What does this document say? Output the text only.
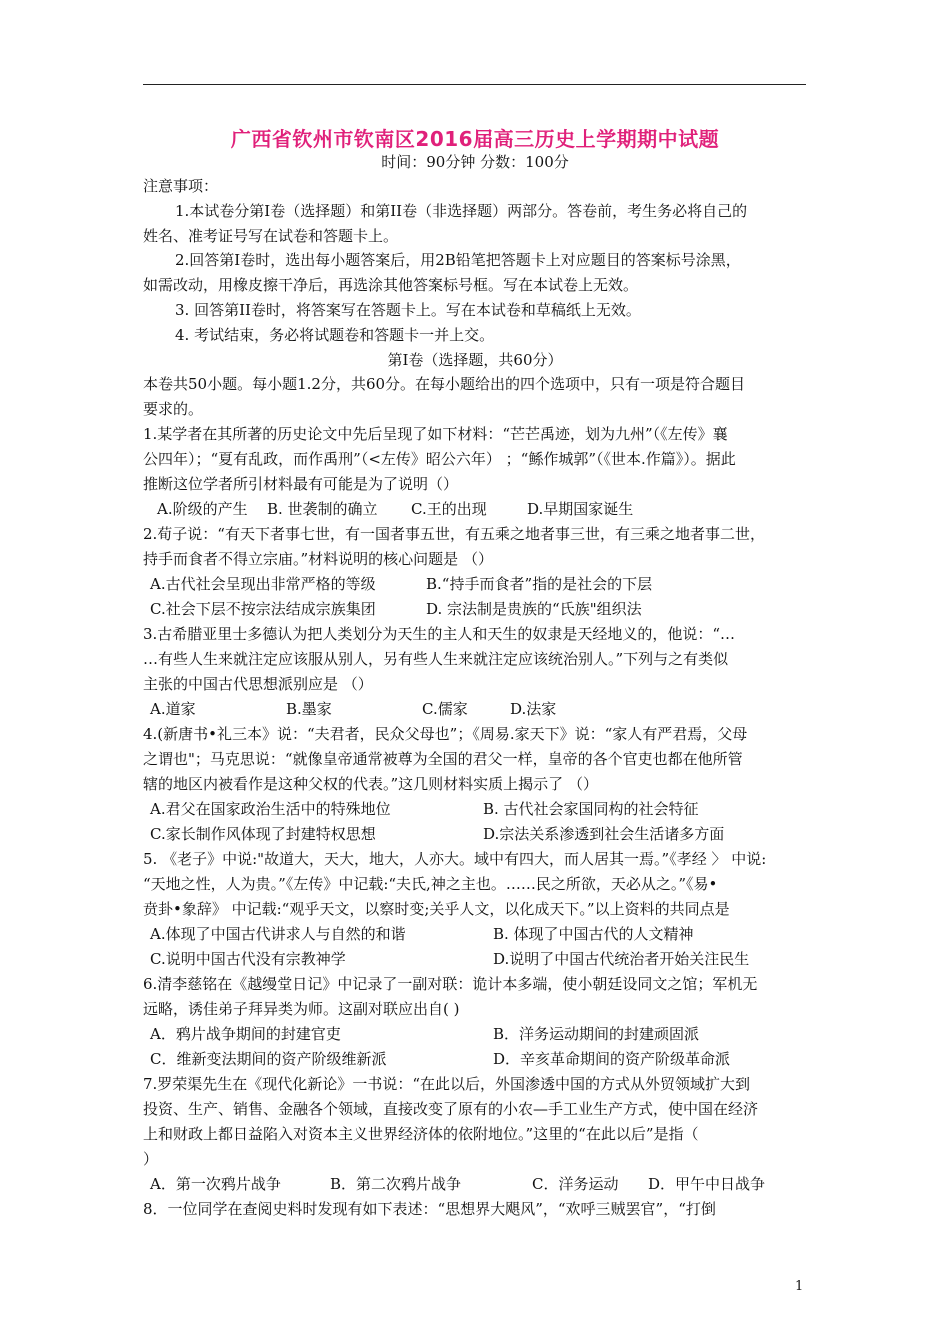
广西省钦州市钦南区2016届高三历史上学期期中试题
时间：90分钟 分数：100分
注意事项：
1.本试卷分第Ⅰ卷（选择题）和第II卷（非选择题）两部分。答卷前，考生务必将自己的
姓名、准考证号写在试卷和答题卡上。
2.回答第Ⅰ卷时，选出每小题答案后，用2B铅笔把答题卡上对应题目的答案标号涂黑，
如需改动，用橡皮擦干净后，再选涂其他答案标号框。写在本试卷上无效。
3. 回答第II卷时，将答案写在答题卡上。写在本试卷和草稿纸上无效。
4. 考试结束，务必将试题卷和答题卡一并上交。
第Ⅰ卷（选择题，共60分）
本卷共50小题。每小题1.2分，共60分。在每小题给出的四个选项中，只有一项是符合题目
要求的。
1.某学者在其所著的历史论文中先后呈现了如下材料：“芒芒禹迹，划为九州”（《左传》襄
公四年）；“夏有乱政，而作禹刑”（<左传》昭公六年） ；“鲧作城郭”（《世本.作篇》）。据此
推断这位学者所引材料最有可能是为了说明（）
A.阶级的产生 B. 世袭制的确立 C.王的出现	D.早期国家诞生
2.荀子说：“有天下者事七世，有一国者事五世，有五乘之地者事三世，有三乘之地者事二世，
持手而食者不得立宗庙。”材料说明的核心问题是 （）
A.古代社会呈现出非常严格的等级	B.“持手而食者”指的是社会的下层
C.社会下层不按宗法结成宗族集团	D. 宗法制是贵族的“氏族"组织法
3.古希腊亚里士多德认为把人类划分为天生的主人和天生的奴隶是天经地义的，他说：“…
…有些人生来就注定应该服从别人，另有些人生来就注定应该统治别人。”下列与之有类似
主张的中国古代思想派别应是 （）
A.道家	B.墨家	C.儒家	D.法家
4.(新唐书•礼三本》说：“夫君者，民众父母也”；《周易.家天下》说：“家人有严君焉，父母
之谓也"；马克思说：“就像皇帝通常被尊为全国的君父一样，皇帝的各个官吏也都在他所管
辖的地区内被看作是这种父权的代表。”这几则材料实质上揭示了 （）
A.君父在国家政治生活中的特殊地位	B. 古代社会家国同构的社会特征
C.家长制作风体现了封建特权思想	D.宗法关系渗透到社会生活诸多方面
5. 《老子》中说:"故道大，天大，地大，人亦大。域中有四大，而人居其一焉。”《孝经 〉 中说:
“天地之性，人为贵。”《左传》中记载:“夫氏,神之主也。……民之所欲，天必从之。”《易•
贲卦•象辞》 中记载:“观乎天文，以察时变;关乎人文，以化成天下。”以上资料的共同点是
A.体现了中国古代讲求人与自然的和谐	B. 体现了中国古代的人文精神
C.说明中国古代没有宗教神学	D.说明了中国古代统治者开始关注民生
6.清李慈铭在《越缦堂日记》中记录了一副对联：诡计本多端，使小朝廷设同文之馆；军机无
远略，诱佳弟子拜异类为师。这副对联应出自( )
A．鸦片战争期间的封建官吏	B．洋务运动期间的封建顽固派
C．维新变法期间的资产阶级维新派	D．辛亥革命期间的资产阶级革命派
7.罗荣渠先生在《现代化新论》一书说：“在此以后，外国渗透中国的方式从外贸领域扩大到
投资、生产、销售、金融各个领域，直接改变了原有的小农—手工业生产方式，使中国在经济
上和财政上都日益陷入对资本主义世界经济体的依附地位。”这里的“在此以后”是指（
）
A．第一次鸦片战争	B．第二次鸦片战争	C．洋务运动 D．甲午中日战争
8．一位同学在查阅史料时发现有如下表述：“思想界大飓风”，“欢呼三贼罢官”，“打倒
1
